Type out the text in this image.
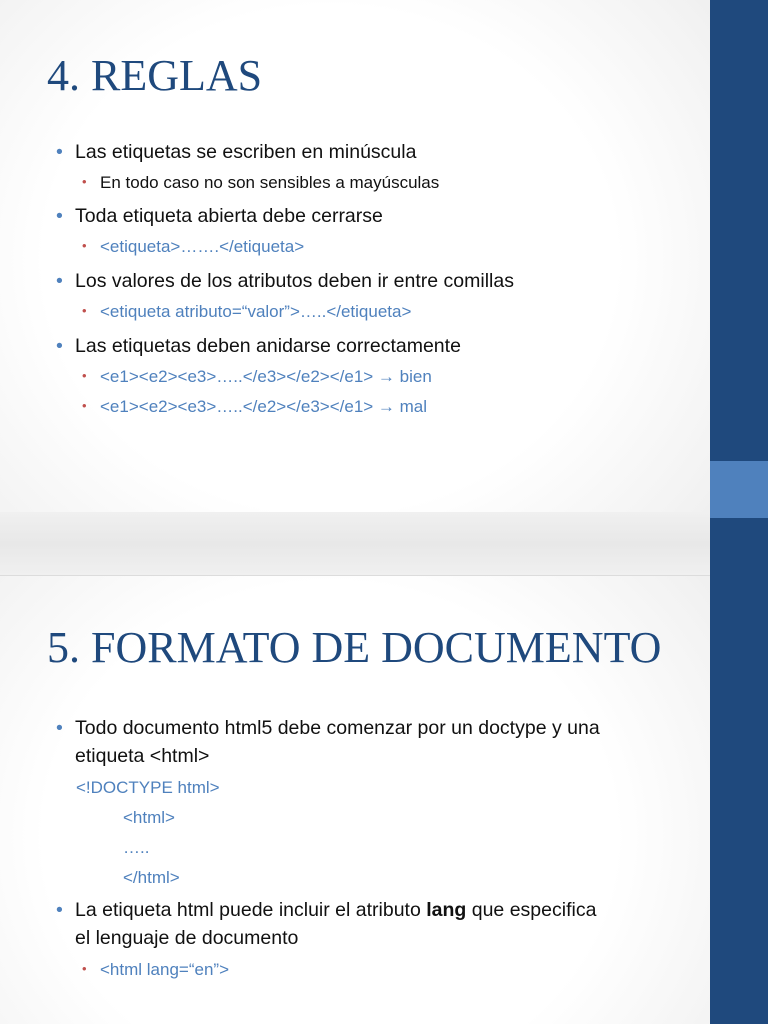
4. REGLAS
• Las etiquetas se escriben en minúscula
• En todo caso no son sensibles a mayúsculas
• Toda etiqueta abierta debe cerrarse
• <etiqueta>…….</etiqueta>
• Los valores de los atributos deben ir entre comillas
• <etiqueta atributo=“valor”>…..</etiqueta>
• Las etiquetas deben anidarse correctamente
• <e1><e2><e3>…..</e3></e2></e1> → bien
• <e1><e2><e3>…..</e2></e3></e1> → mal
5. FORMATO DE DOCUMENTO
• Todo documento html5 debe comenzar por un doctype y una
etiqueta <html>
<!DOCTYPE html>
<html>
…..
</html>
• La etiqueta html puede incluir el atributo lang que especifica
el lenguaje de documento
• <html lang=“en”>
